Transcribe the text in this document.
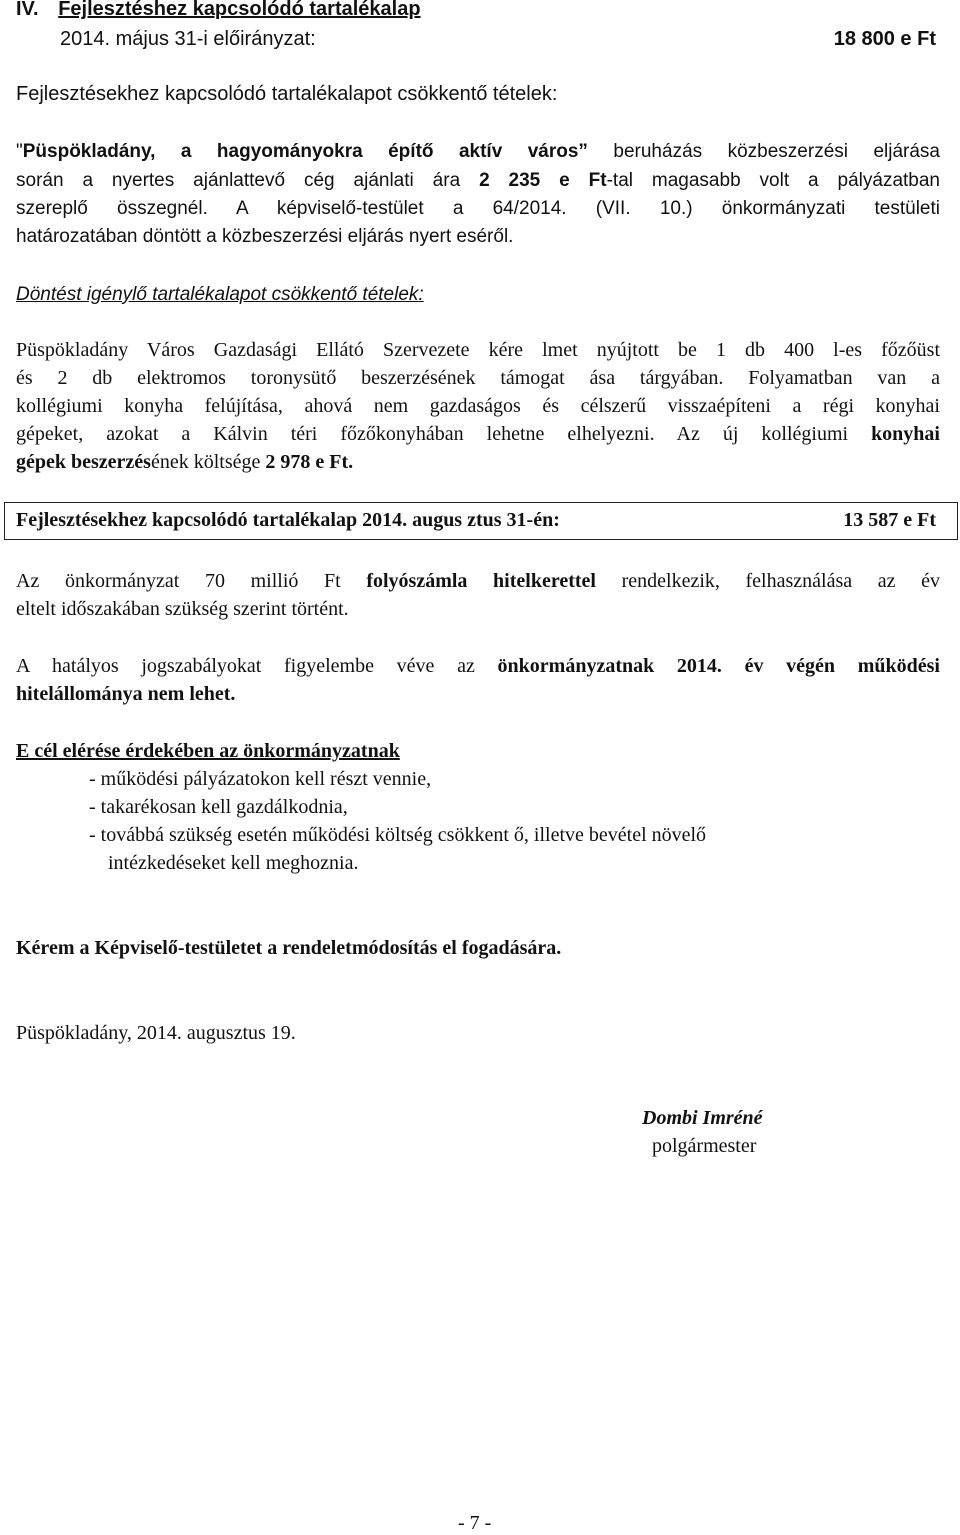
IV. Fejlesztéshez kapcsolódó tartalékalap
2014. május 31-i előirányzat:	18 800 e Ft
Fejlesztésekhez kapcsolódó tartalékalapot csökkentő tételek:
"Püspökladány, a hagyományokra építő aktív város” beruházás közbeszerzési eljárása
során a nyertes ajánlattevő cég ajánlati ára 2 235 e Ft-tal magasabb volt a pályázatban
szereplő összegnél. A képviselő-testület a 64/2014. (VII. 10.) önkormányzati testületi
határozatában döntött a közbeszerzési eljárás nyert eséről.
Döntést igénylő tartalékalapot csökkentő tételek:
Püspökladány Város Gazdasági Ellátó Szervezete kére lmet nyújtott be 1 db 400 l-es főzőüst
és 2 db elektromos toronysütő beszerzésének támogat ása tárgyában. Folyamatban van a
kollégiumi konyha felújítása, ahová nem gazdaságos és célszerű visszaépíteni a régi konyhai
gépeket, azokat a Kálvin téri főzőkonyhában lehetne elhelyezni. Az új kollégiumi konyhai
gépek beszerzésének költsége 2 978 e Ft.
Fejlesztésekhez kapcsolódó tartalékalap 2014. augus ztus 31-én:	13 587 e Ft
Az önkormányzat 70 millió Ft folyószámla hitelkerettel rendelkezik, felhasználása az év
eltelt időszakában szükség szerint történt.
A hatályos jogszabályokat figyelembe véve az önkormányzatnak 2014. év végén működési
hitelállománya nem lehet.
E cél elérése érdekében az önkormányzatnak
- működési pályázatokon kell részt vennie,
- takarékosan kell gazdálkodnia,
- továbbá szükség esetén működési költség csökkent ő, illetve bevétel növelő
intézkedéseket kell meghoznia.
Kérem a Képviselő-testületet a rendeletmódosítás el fogadására.
Püspökladány, 2014. augusztus 19.
Dombi Imréné
polgármester
- 7 -
